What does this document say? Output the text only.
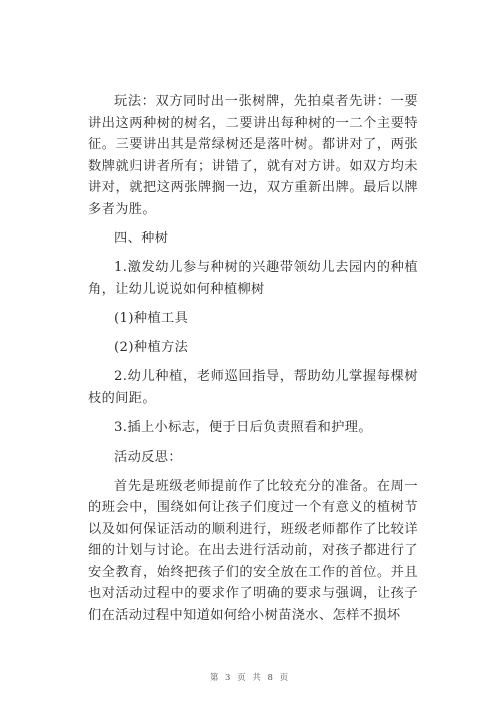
玩法：双方同时出一张树牌，先拍桌者先讲：一要讲出这两种树的树名，二要讲出每种树的一二个主要特征。三要讲出其是常绿树还是落叶树。都讲对了，两张数牌就归讲者所有；讲错了，就有对方讲。如双方均未讲对，就把这两张牌搁一边，双方重新出牌。最后以牌多者为胜。

四、种树

1.激发幼儿参与种树的兴趣带领幼儿去园内的种植角，让幼儿说说如何种植柳树

(1)种植工具

(2)种植方法

2.幼儿种植，老师巡回指导，帮助幼儿掌握每棵树枝的间距。

3.插上小标志，便于日后负责照看和护理。

活动反思：

首先是班级老师提前作了比较充分的准备。在周一的班会中，围绕如何让孩子们度过一个有意义的植树节以及如何保证活动的顺利进行，班级老师都作了比较详细的计划与讨论。在出去进行活动前，对孩子都进行了安全教育，始终把孩子们的安全放在工作的首位。并且也对活动过程中的要求作了明确的要求与强调，让孩子们在活动过程中知道如何给小树苗浇水、怎样不损坏

第 3 页 共 8 页
